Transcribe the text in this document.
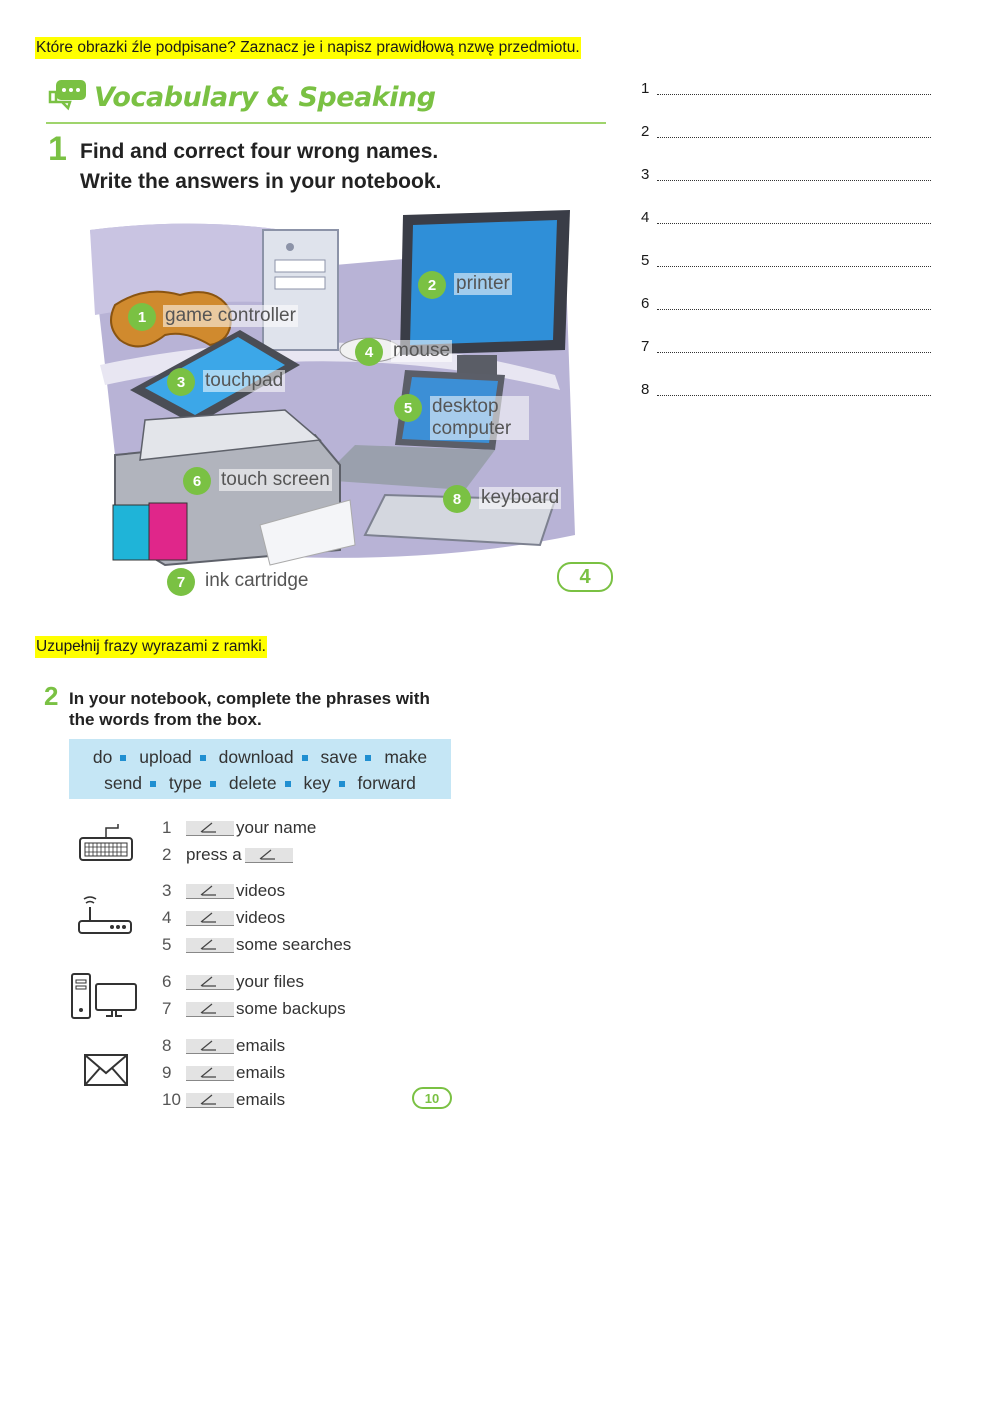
Które obrazki źle podpisane? Zaznacz je i napisz prawidłową nzwę przedmiotu.
Uzupełnij frazy wyrazami z ramki.
1
2
3
4
5
6
7
8
Vocabulary & Speaking
1 Find and correct four wrong names.
Write the answers in your notebook.
1 game controller
2	printer
3	touchpad
4	mouse
5	desktop computer
6	touch screen
7	ink cartridge
8	keyboard
4
2 In your notebook, complete the phrases with
the words from the box.
do upload download save make
send type delete key forward
1	your name
2 press a
3	videos
4	videos
5	some searches
6	your files
7	some backups
8	emails
9	emails
10	emails	10
